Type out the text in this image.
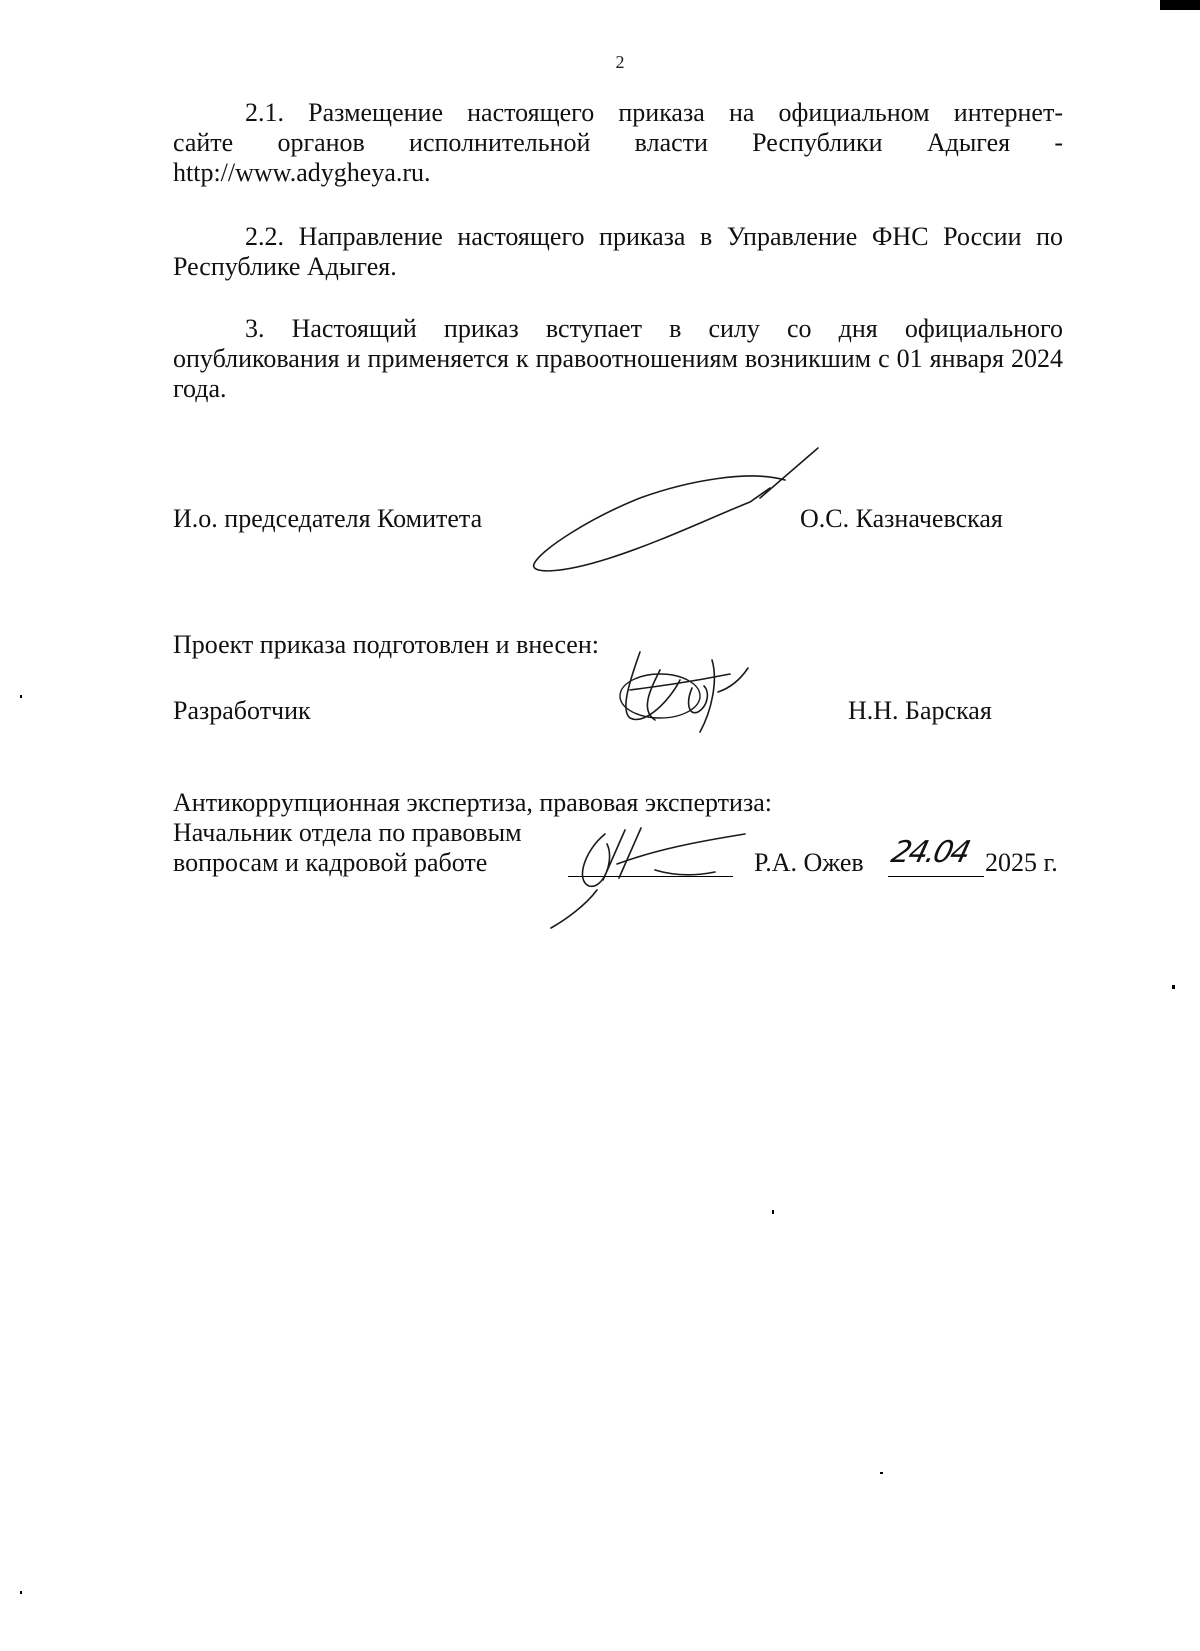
2
2.1. Размещение настоящего приказа на официальном интернет-
сайте органов исполнительной власти Республики Адыгея -
http://www.adygheya.ru.

2.2. Направление настоящего приказа в Управление ФНС России по Республике Адыгея.

3. Настоящий приказ вступает в силу со дня официального опубликования и применяется к правоотношениям возникшим с 01 января 2024 года.

И.о. председателя Комитета	О.С. Казначевская
Проект приказа подготовлен и внесен:
Разработчик	Н.Н. Барская
Антикоррупционная экспертиза, правовая экспертиза:
Начальник отдела по правовым
вопросам и кадровой работе	Р.А. Ожев 24.04 2025 г.
